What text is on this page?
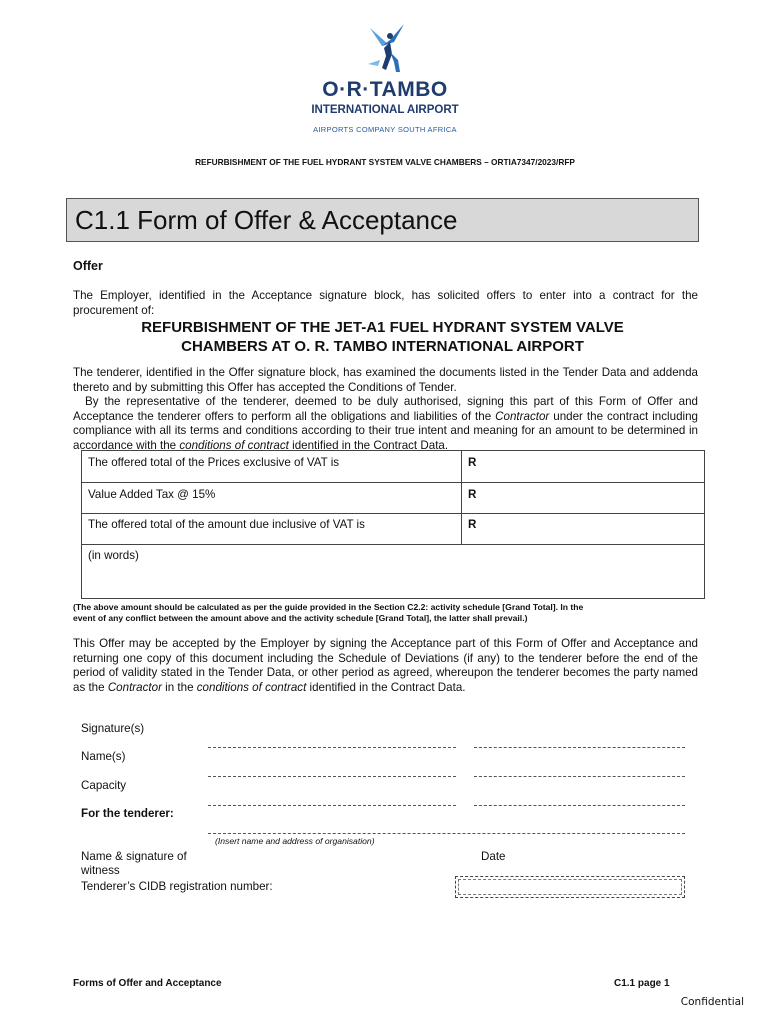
O·R·TAMBO
INTERNATIONAL AIRPORT
AIRPORTS COMPANY SOUTH AFRICA
REFURBISHMENT OF THE FUEL HYDRANT SYSTEM VALVE CHAMBERS – ORTIA7347/2023/RFP
C1.1 Form of Offer & Acceptance
Offer
The Employer, identified in the Acceptance signature block, has solicited offers to enter into a contract for the procurement of:
REFURBISHMENT OF THE JET-A1 FUEL HYDRANT SYSTEM VALVE
CHAMBERS AT O. R. TAMBO INTERNATIONAL AIRPORT
The tenderer, identified in the Offer signature block, has examined the documents listed in the Tender Data and addenda thereto and by submitting this Offer has accepted the Conditions of Tender.
By the representative of the tenderer, deemed to be duly authorised, signing this part of this Form of Offer and Acceptance the tenderer offers to perform all the obligations and liabilities of the Contractor under the contract including compliance with all its terms and conditions according to their true intent and meaning for an amount to be determined in accordance with the conditions of contract identified in the Contract Data.
The offered total of the Prices exclusive of VAT is	R
Value Added Tax @ 15%	R
The offered total of the amount due inclusive of VAT is	R
(in words)
(The above amount should be calculated as per the guide provided in the Section C2.2: activity schedule [Grand Total]. In the
event of any conflict between the amount above and the activity schedule [Grand Total], the latter shall prevail.)
This Offer may be accepted by the Employer by signing the Acceptance part of this Form of Offer and Acceptance and returning one copy of this document including the Schedule of Deviations (if any) to the tenderer before the end of the period of validity stated in the Tender Data, or other period as agreed, whereupon the tenderer becomes the party named as the Contractor in the conditions of contract identified in the Contract Data.
Signature(s)
Name(s)
Capacity
For the tenderer:
(Insert name and address of organisation)
Name & signature of
witness
Date
Tenderer’s CIDB registration number:
Forms of Offer and Acceptance	C1.1 page 1
Confidential
